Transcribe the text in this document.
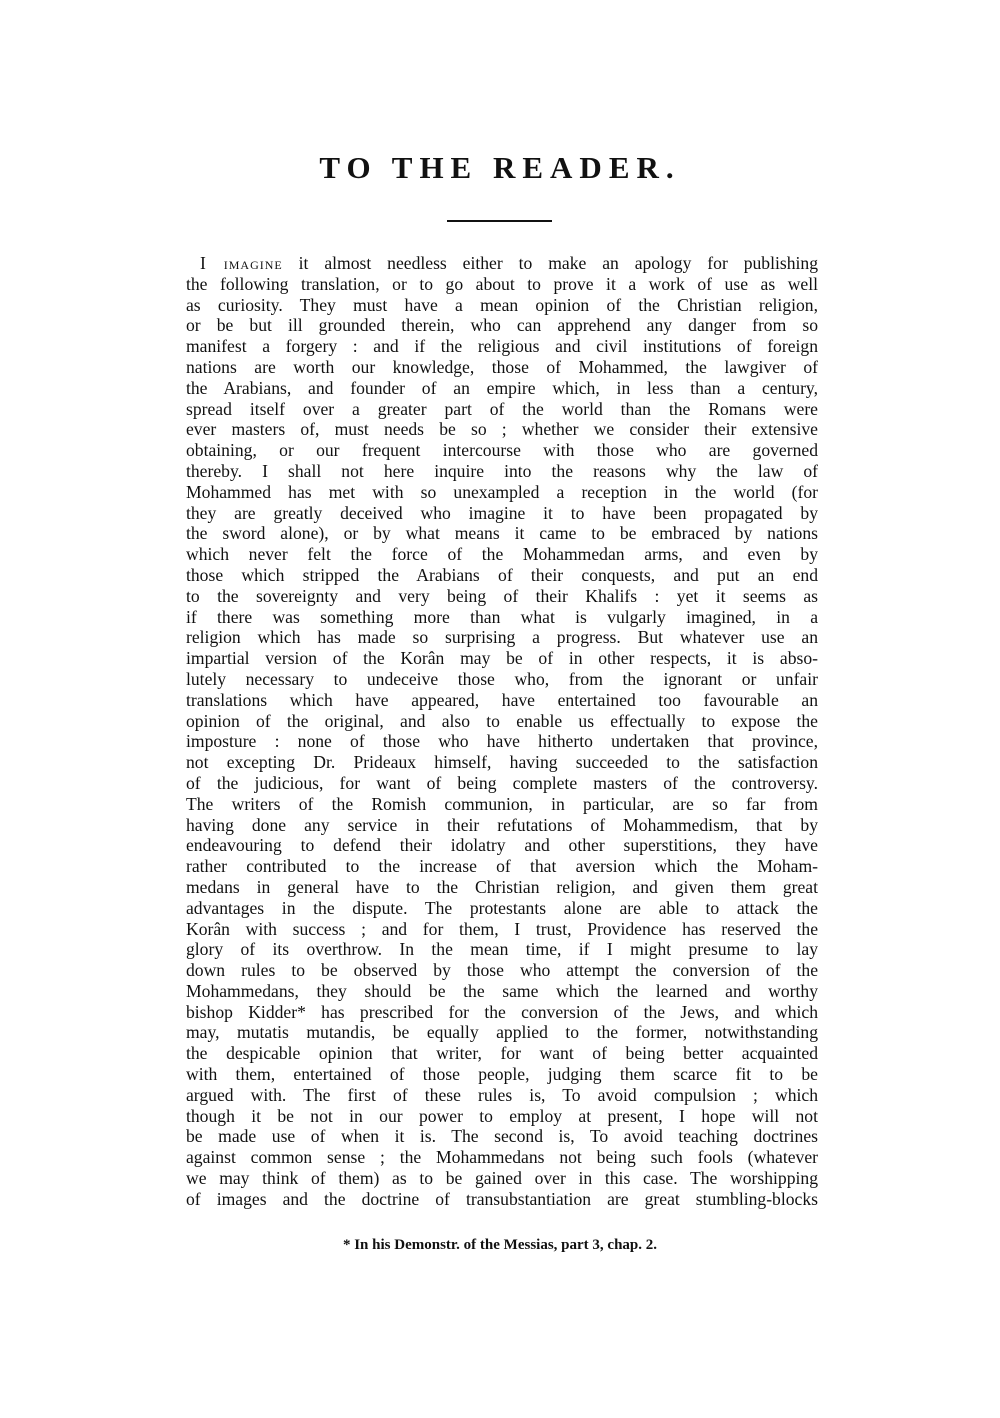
TO THE READER.
I imagine it almost needless either to make an apology for publishing
the following translation, or to go about to prove it a work of use as well
as curiosity. They must have a mean opinion of the Christian religion,
or be but ill grounded therein, who can apprehend any danger from so
manifest a forgery : and if the religious and civil institutions of foreign
nations are worth our knowledge, those of Mohammed, the lawgiver of
the Arabians, and founder of an empire which, in less than a century,
spread itself over a greater part of the world than the Romans were
ever masters of, must needs be so ; whether we consider their extensive
obtaining, or our frequent intercourse with those who are governed
thereby. I shall not here inquire into the reasons why the law of
Mohammed has met with so unexampled a reception in the world (for
they are greatly deceived who imagine it to have been propagated by
the sword alone), or by what means it came to be embraced by nations
which never felt the force of the Mohammedan arms, and even by
those which stripped the Arabians of their conquests, and put an end
to the sovereignty and very being of their Khalifs : yet it seems as
if there was something more than what is vulgarly imagined, in a
religion which has made so surprising a progress. But whatever use an
impartial version of the Korân may be of in other respects, it is abso-
lutely necessary to undeceive those who, from the ignorant or unfair
translations which have appeared, have entertained too favourable an
opinion of the original, and also to enable us effectually to expose the
imposture : none of those who have hitherto undertaken that province,
not excepting Dr. Prideaux himself, having succeeded to the satisfaction
of the judicious, for want of being complete masters of the controversy.
The writers of the Romish communion, in particular, are so far from
having done any service in their refutations of Mohammedism, that by
endeavouring to defend their idolatry and other superstitions, they have
rather contributed to the increase of that aversion which the Moham-
medans in general have to the Christian religion, and given them great
advantages in the dispute. The protestants alone are able to attack the
Korân with success ; and for them, I trust, Providence has reserved the
glory of its overthrow. In the mean time, if I might presume to lay
down rules to be observed by those who attempt the conversion of the
Mohammedans, they should be the same which the learned and worthy
bishop Kidder* has prescribed for the conversion of the Jews, and which
may, mutatis mutandis, be equally applied to the former, notwithstanding
the despicable opinion that writer, for want of being better acquainted
with them, entertained of those people, judging them scarce fit to be
argued with. The first of these rules is, To avoid compulsion ; which
though it be not in our power to employ at present, I hope will not
be made use of when it is. The second is, To avoid teaching doctrines
against common sense ; the Mohammedans not being such fools (whatever
we may think of them) as to be gained over in this case. The worshipping
of images and the doctrine of transubstantiation are great stumbling-blocks
* In his Demonstr. of the Messias, part 3, chap. 2.
